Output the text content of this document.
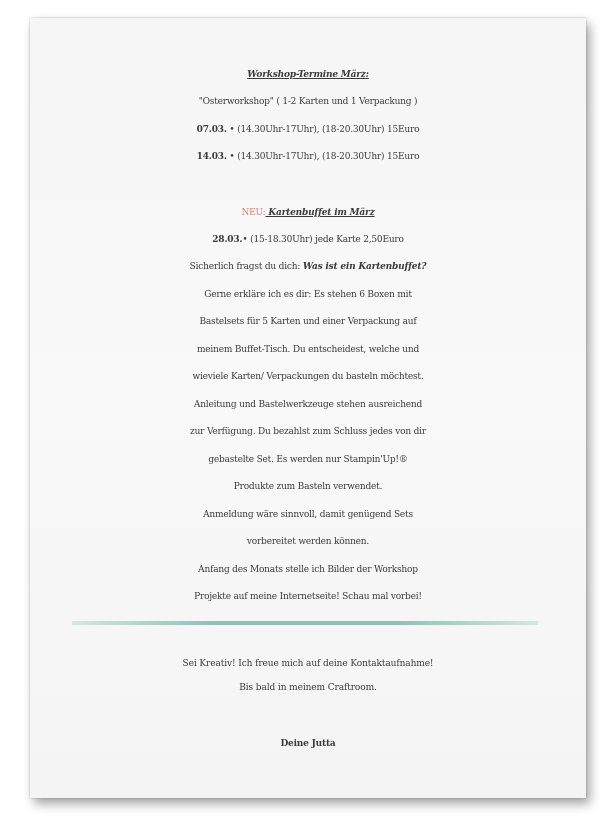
Workshop-Termine März:
"Osterworkshop" ( 1-2 Karten und 1 Verpackung )
07.03. • (14.30Uhr-17Uhr), (18-20.30Uhr) 15Euro
14.03. • (14.30Uhr-17Uhr), (18-20.30Uhr) 15Euro
NEU: Kartenbuffet im März
28.03.• (15-18.30Uhr) jede Karte 2,50Euro
Sicherlich fragst du dich: Was ist ein Kartenbuffet?
Gerne erkläre ich es dir: Es stehen 6 Boxen mit
Bastelsets für 5 Karten und einer Verpackung auf
meinem Buffet-Tisch. Du entscheidest, welche und
wieviele Karten/ Verpackungen du basteln möchtest.
Anleitung und Bastelwerkzeuge stehen ausreichend
zur Verfügung. Du bezahlst zum Schluss jedes von dir
gebastelte Set. Es werden nur Stampin'Up!®
Produkte zum Basteln verwendet.
Anmeldung wäre sinnvoll, damit genügend Sets
vorbereitet werden können.
Anfang des Monats stelle ich Bilder der Workshop
Projekte auf meine Internetseite! Schau mal vorbei!
Sei Kreativ! Ich freue mich auf deine Kontaktaufnahme!
Bis bald in meinem Craftroom.
Deine Jutta
